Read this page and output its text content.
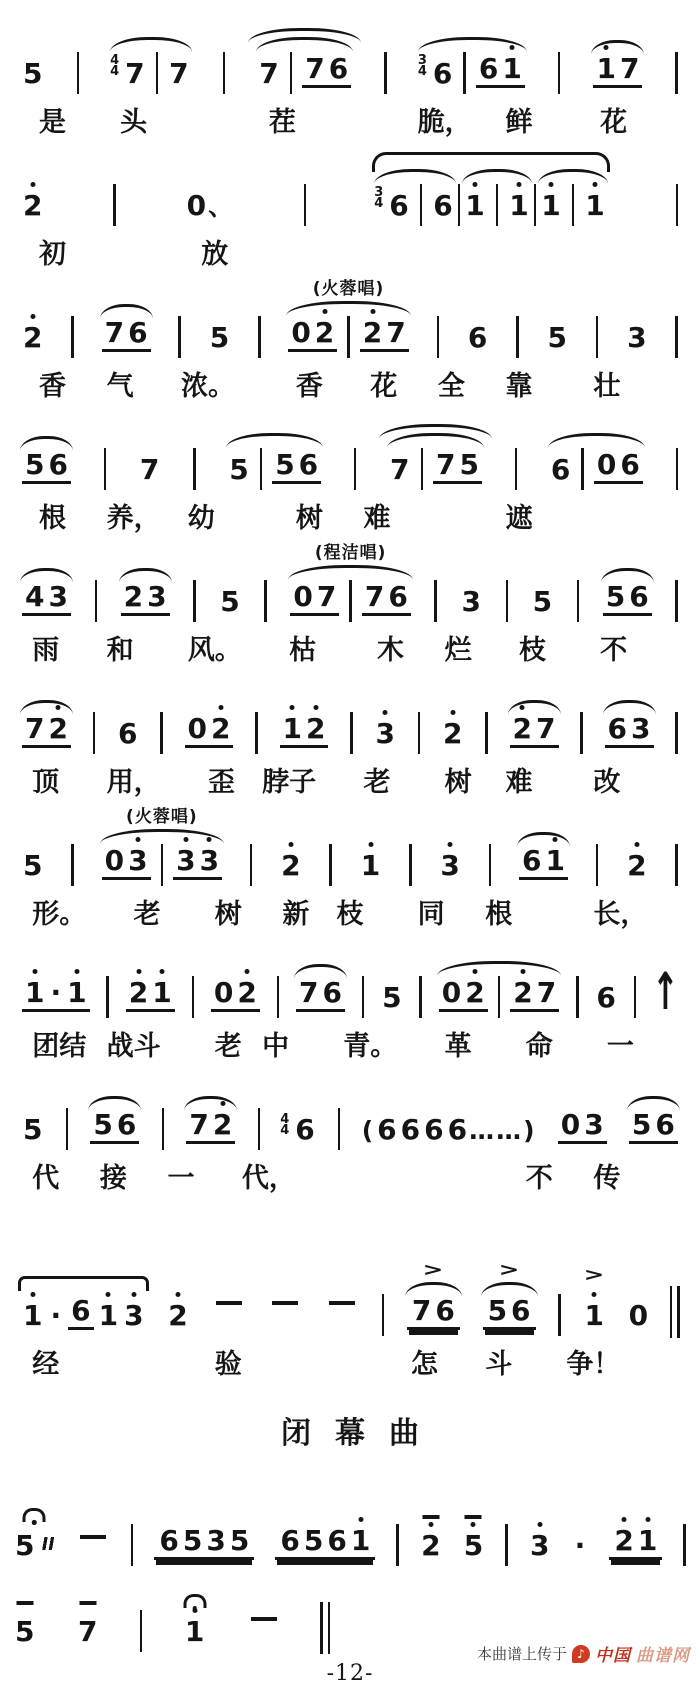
5	4
4 7 7	7 7 6	3
4 6 6 1	1 7
是 头	茬	脆， 鲜	花
2	0 、	3
4 6 6 1 1 1 1
初	放
2 7 6 5
(火蓉唱)
0 2 2 7 6 5 3
香 气 浓。 香 花 全 靠 壮
5 6	7 5 5 6	7 7 5	6 0 6
根 养， 幼	树 难	遮
4 3 2 3 5
(程洁唱)
0 7 7 6 3 5 5 6
雨 和 风。 枯 木 烂 枝 不
7 2 6 0 2 1 2 3 2 2 7 6 3
顶 用， 歪 脖子 老 树 难 改
5
(火蓉唱)
0 3 3 3 2 1 3 6 1 2
形。 老 树 新 枝 同 根	长，
1 · 1 2 1 0 2 7 6 5 0 2 2 7 6 ↑
团结 战斗 老 中 青。 革 命 一
5 5 6 7 2	4
4 6 ( 6 6 6 6 … … ) 0 3 5 6
代 接 一 代，	不 传
1 · 6 1 3 2	7 6
>
5 6
>
1
>
0
经	验	怎 斗 争！
闭幕曲
5	6 5 3 5 6 5 6 1 2 5 3 · 2 1
5 7	1
-12-
本曲谱上传于 ♪ 中国 曲谱网
